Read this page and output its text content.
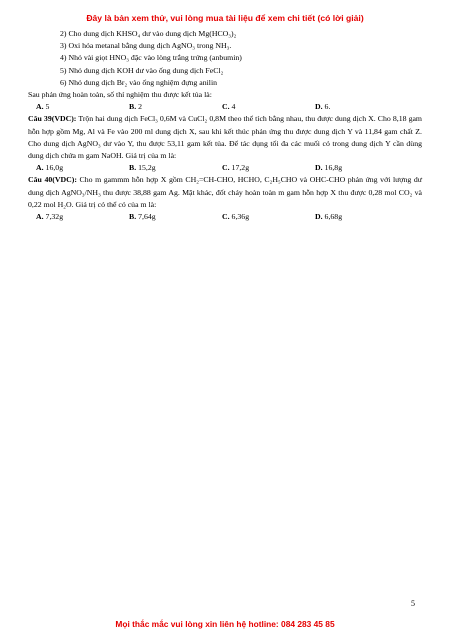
Đây là bản xem thử, vui lòng mua tài liệu để xem chi tiết (có lời giải)
2) Cho dung dịch KHSO₄ dư vào dung dịch Mg(HCO₃)₂
3) Oxi hóa metanal bằng dung dịch AgNO₃ trong NH₃.
4) Nhỏ vài giọt HNO₃ đặc vào lòng trắng trứng (anbumin)
5) Nhỏ dung dịch KOH dư vào ống dung dịch FeCl₂
6) Nhỏ dung dịch Br₂ vào ống nghiệm đựng anilin
Sau phản ứng hoàn toàn, số thí nghiệm thu được kết tủa là:
A. 5	B. 2	C. 4	D. 6.
Câu 39(VDC): Trộn hai dung dịch FeCl₃ 0,6M và CuCl₂ 0,8M theo thể tích bằng nhau, thu được dung dịch X. Cho 8,18 gam hỗn hợp gồm Mg, Al và Fe vào 200 ml dung dịch X, sau khi kết thúc phản ứng thu được dung dịch Y và 11,84 gam chất Z. Cho dung dịch AgNO₃ dư vào Y, thu được 53,11 gam kết tủa. Để tác dụng tối đa các muối có trong dung dịch Y cần dùng dung dịch chứa m gam NaOH. Giá trị của m là:
A. 16,0g	B. 15,2g	C. 17,2g	D. 16,8g
Câu 40(VDC): Cho m gammm hỗn hợp X gồm CH₂=CH-CHO, HCHO, C₂H₅CHO và OHC-CHO phản ứng với lượng dư dung dịch AgNO₃/NH₃ thu được 38,88 gam Ag. Mặt khác, đốt cháy hoàn toàn m gam hỗn hợp X thu được 0,28 mol CO₂ và 0,22 mol H₂O. Giá trị có thể có của m là:
A. 7,32g	B. 7,64g	C. 6,36g	D. 6,68g
5
Mọi thắc mắc vui lòng xin liên hệ hotline: 084 283 45 85
